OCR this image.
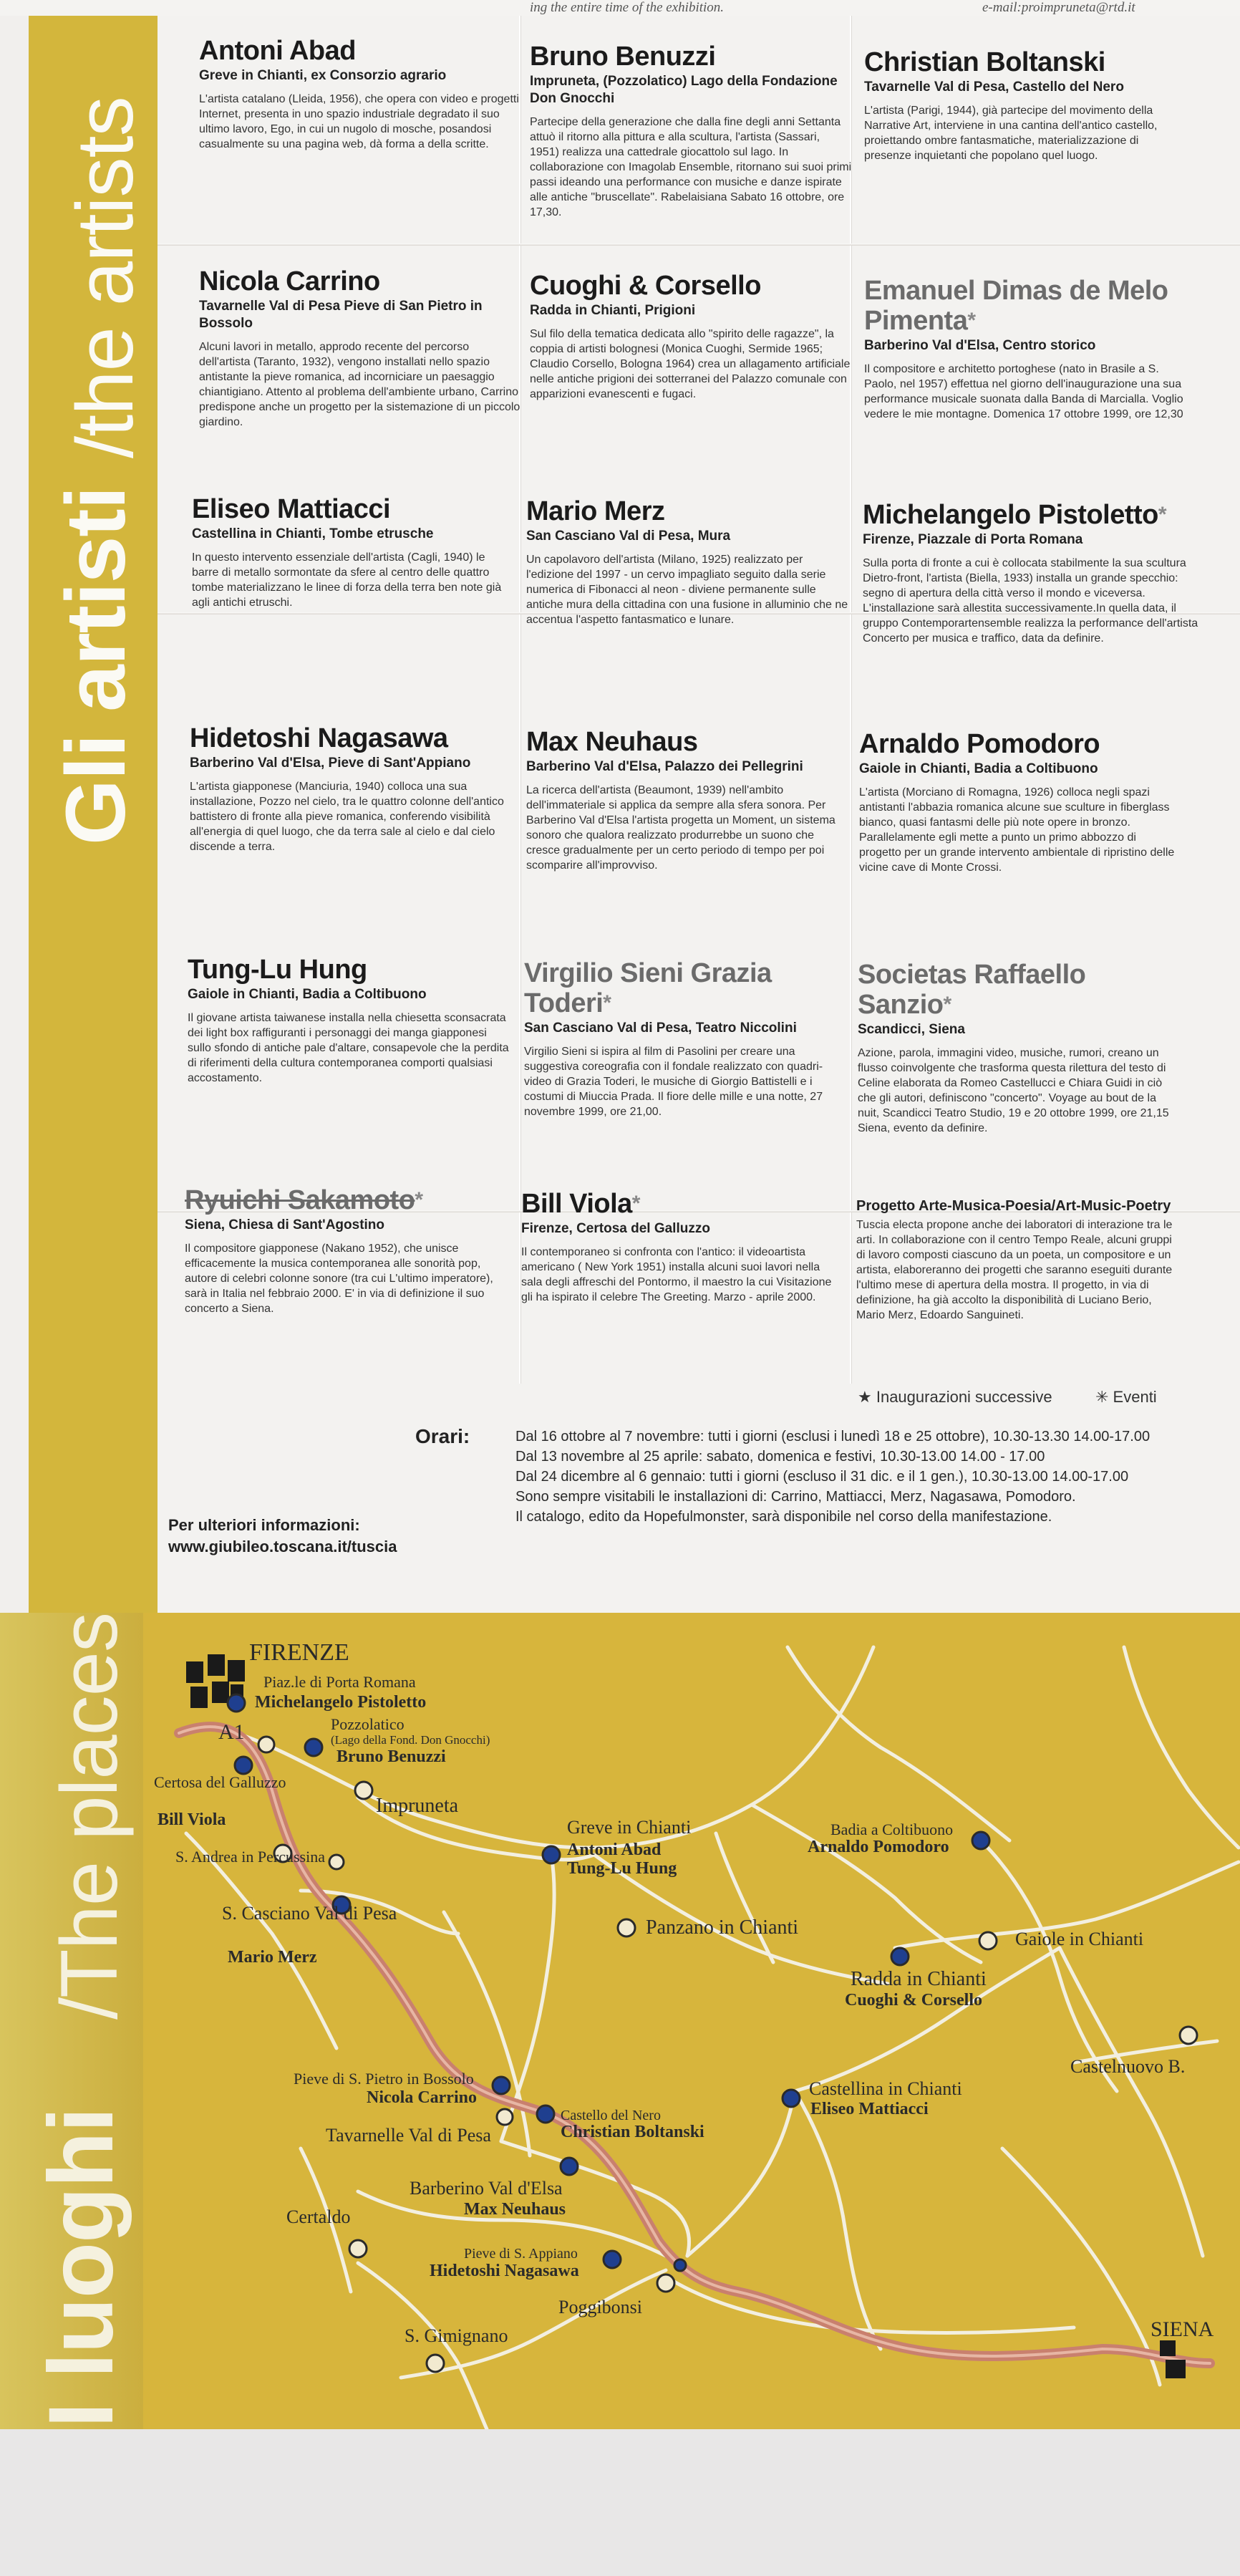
ing the entire time of the exhibition.	e-mail:proimpruneta@rtd.it
Gli artisti
/the artists
Antoni Abad
Greve in Chianti, ex Consorzio agrario

L'artista catalano (Lleida, 1956), che opera con video e progetti Internet, presenta in uno spazio industriale degradato il suo ultimo lavoro, Ego, in cui un nugolo di mosche, posandosi casualmente su una pagina web, dà forma a della scritte.

Bruno Benuzzi
Impruneta, (Pozzolatico) Lago della Fondazione Don Gnocchi

Partecipe della generazione che dalla fine degli anni Settanta attuò il ritorno alla pittura e alla scultura, l'artista (Sassari, 1951) realizza una cattedrale giocattolo sul lago. In collaborazione con Imagolab Ensemble, ritornano sui suoi primi passi ideando una performance con musiche e danze ispirate alle antiche "bruscellate". Rabelaisiana Sabato 16 ottobre, ore 17,30.

Christian Boltanski
Tavarnelle Val di Pesa, Castello del Nero

L'artista (Parigi, 1944), già partecipe del movimento della Narrative Art, interviene in una cantina dell'antico castello, proiettando ombre fantasmatiche, materializzazione di presenze inquietanti che popolano quel luogo.

Nicola Carrino
Tavarnelle Val di Pesa Pieve di San Pietro in Bossolo

Alcuni lavori in metallo, approdo recente del percorso dell'artista (Taranto, 1932), vengono installati nello spazio antistante la pieve romanica, ad incorniciare un paesaggio chiantigiano. Attento al problema dell'ambiente urbano, Carrino predispone anche un progetto per la sistemazione di un piccolo giardino.

Cuoghi & Corsello
Radda in Chianti, Prigioni

Sul filo della tematica dedicata allo "spirito delle ragazze", la coppia di artisti bolognesi (Monica Cuoghi, Sermide 1965; Claudio Corsello, Bologna 1964) crea un allagamento artificiale nelle antiche prigioni dei sotterranei del Palazzo comunale con apparizioni evanescenti e fugaci.

Emanuel Dimas de Melo Pimenta*
Barberino Val d'Elsa, Centro storico

Il compositore e architetto portoghese (nato in Brasile a S. Paolo, nel 1957) effettua nel giorno dell'inaugurazione una sua performance musicale suonata dalla Banda di Marcialla. Voglio vedere le mie montagne. Domenica 17 ottobre 1999, ore 12,30

Eliseo Mattiacci
Castellina in Chianti, Tombe etrusche

In questo intervento essenziale dell'artista (Cagli, 1940) le barre di metallo sormontate da sfere al centro delle quattro tombe materializzano le linee di forza della terra ben note già agli antichi etruschi.

Mario Merz
San Casciano Val di Pesa, Mura

Un capolavoro dell'artista (Milano, 1925) realizzato per l'edizione del 1997 - un cervo impagliato seguito dalla serie numerica di Fibonacci al neon - diviene permanente sulle antiche mura della cittadina con una fusione in alluminio che ne accentua l'aspetto fantasmatico e lunare.

Michelangelo Pistoletto*
Firenze, Piazzale di Porta Romana

Sulla porta di fronte a cui è collocata stabilmente la sua scultura Dietro-front, l'artista (Biella, 1933) installa un grande specchio: segno di apertura della città verso il mondo e viceversa. L'installazione sarà allestita successivamente.In quella data, il gruppo Contemporartensemble realizza la performance dell'artista Concerto per musica e traffico, data da definire.

Hidetoshi Nagasawa
Barberino Val d'Elsa, Pieve di Sant'Appiano

L'artista giapponese (Manciuria, 1940) colloca una sua installazione, Pozzo nel cielo, tra le quattro colonne dell'antico battistero di fronte alla pieve romanica, conferendo visibilità all'energia di quel luogo, che da terra sale al cielo e dal cielo discende a terra.

Max Neuhaus
Barberino Val d'Elsa, Palazzo dei Pellegrini

La ricerca dell'artista (Beaumont, 1939) nell'ambito dell'immateriale si applica da sempre alla sfera sonora. Per Barberino Val d'Elsa l'artista progetta un Moment, un sistema sonoro che qualora realizzato produrrebbe un suono che cresce gradualmente per un certo periodo di tempo per poi scomparire all'improvviso.

Arnaldo Pomodoro
Gaiole in Chianti, Badia a Coltibuono

L'artista (Morciano di Romagna, 1926) colloca negli spazi antistanti l'abbazia romanica alcune sue sculture in fiberglass bianco, quasi fantasmi delle più note opere in bronzo. Parallelamente egli mette a punto un primo abbozzo di progetto per un grande intervento ambientale di ripristino delle vicine cave di Monte Crossi.

Tung-Lu Hung
Gaiole in Chianti, Badia a Coltibuono

Il giovane artista taiwanese installa nella chiesetta sconsacrata dei light box raffiguranti i personaggi dei manga giapponesi sullo sfondo di antiche pale d'altare, consapevole che la perdita di riferimenti della cultura contemporanea comporti qualsiasi accostamento.

Virgilio Sieni Grazia Toderi*
San Casciano Val di Pesa, Teatro Niccolini

Virgilio Sieni si ispira al film di Pasolini per creare una suggestiva coreografia con il fondale realizzato con quadri-video di Grazia Toderi, le musiche di Giorgio Battistelli e i costumi di Miuccia Prada. Il fiore delle mille e una notte, 27 novembre 1999, ore 21,00.

Societas Raffaello Sanzio*
Scandicci, Siena

Azione, parola, immagini video, musiche, rumori, creano un flusso coinvolgente che trasforma questa rilettura del testo di Celine elaborata da Romeo Castellucci e Chiara Guidi in ciò che gli autori, definiscono "concerto". Voyage au bout de la nuit, Scandicci Teatro Studio, 19 e 20 ottobre 1999, ore 21,15 Siena, evento da definire.

Ryuichi Sakamoto*
Siena, Chiesa di Sant'Agostino

Il compositore giapponese (Nakano 1952), che unisce efficacemente la musica contemporanea alle sonorità pop, autore di celebri colonne sonore (tra cui L'ultimo imperatore), sarà in Italia nel febbraio 2000. E' in via di definizione il suo concerto a Siena.

Bill Viola*
Firenze, Certosa del Galluzzo

Il contemporaneo si confronta con l'antico: il videoartista americano ( New York 1951) installa alcuni suoi lavori nella sala degli affreschi del Pontormo, il maestro la cui Visitazione gli ha ispirato il celebre The Greeting. Marzo - aprile 2000.

Progetto Arte-Musica-Poesia/Art-Music-Poetry

Tuscia electa propone anche dei laboratori di interazione tra le arti. In collaborazione con il centro Tempo Reale, alcuni gruppi di lavoro composti ciascuno da un poeta, un compositore e un artista, elaboreranno dei progetti che saranno eseguiti durante l'ultimo mese di apertura della mostra. Il progetto, in via di definizione, ha già accolto la disponibilità di Luciano Berio, Mario Merz, Edoardo Sanguineti.

★ Inaugurazioni successive	✳ Eventi
Orari:	Dal 16 ottobre al 7 novembre: tutti i giorni (esclusi i lunedì 18 e 25 ottobre), 10.30-13.30 14.00-17.00
Dal 13 novembre al 25 aprile: sabato, domenica e festivi, 10.30-13.00 14.00 - 17.00
Dal 24 dicembre al 6 gennaio: tutti i giorni (escluso il 31 dic. e il 1 gen.), 10.30-13.00 14.00-17.00
Sono sempre visitabili le installazioni di: Carrino, Mattiacci, Merz, Nagasawa, Pomodoro.
Il catalogo, edito da Hopefulmonster, sarà disponibile nel corso della manifestazione.
Per ulteriori informazioni:
www.giubileo.toscana.it/tuscia
I luoghi
/The places	FIRENZE
Piaz.le di Porta Romana
Michelangelo Pistoletto
A1	Pozzolatico
(Lago della Fond. Don Gnocchi)
Bruno Benuzzi
Certosa del Galluzzo
Bill Viola
Impruneta
S. Andrea in Percussina
Greve in Chianti
Antoni Abad
Tung-Lu Hung
Badia a Coltibuono
Arnaldo Pomodoro
S. Casciano Val di Pesa
Mario Merz
Panzano in Chianti
Gaiole in Chianti
Radda in Chianti
Cuoghi & Corsello
Castelnuovo B.
Pieve di S. Pietro in Bossolo
Nicola Carrino
Castello del Nero
Christian Boltanski
Castellina in Chianti
Eliseo Mattiacci
Tavarnelle Val di Pesa
Barberino Val d'Elsa
Max Neuhaus
Certaldo
Pieve di S. Appiano
Hidetoshi Nagasawa
Poggibonsi
S. Gimignano	SIENA
